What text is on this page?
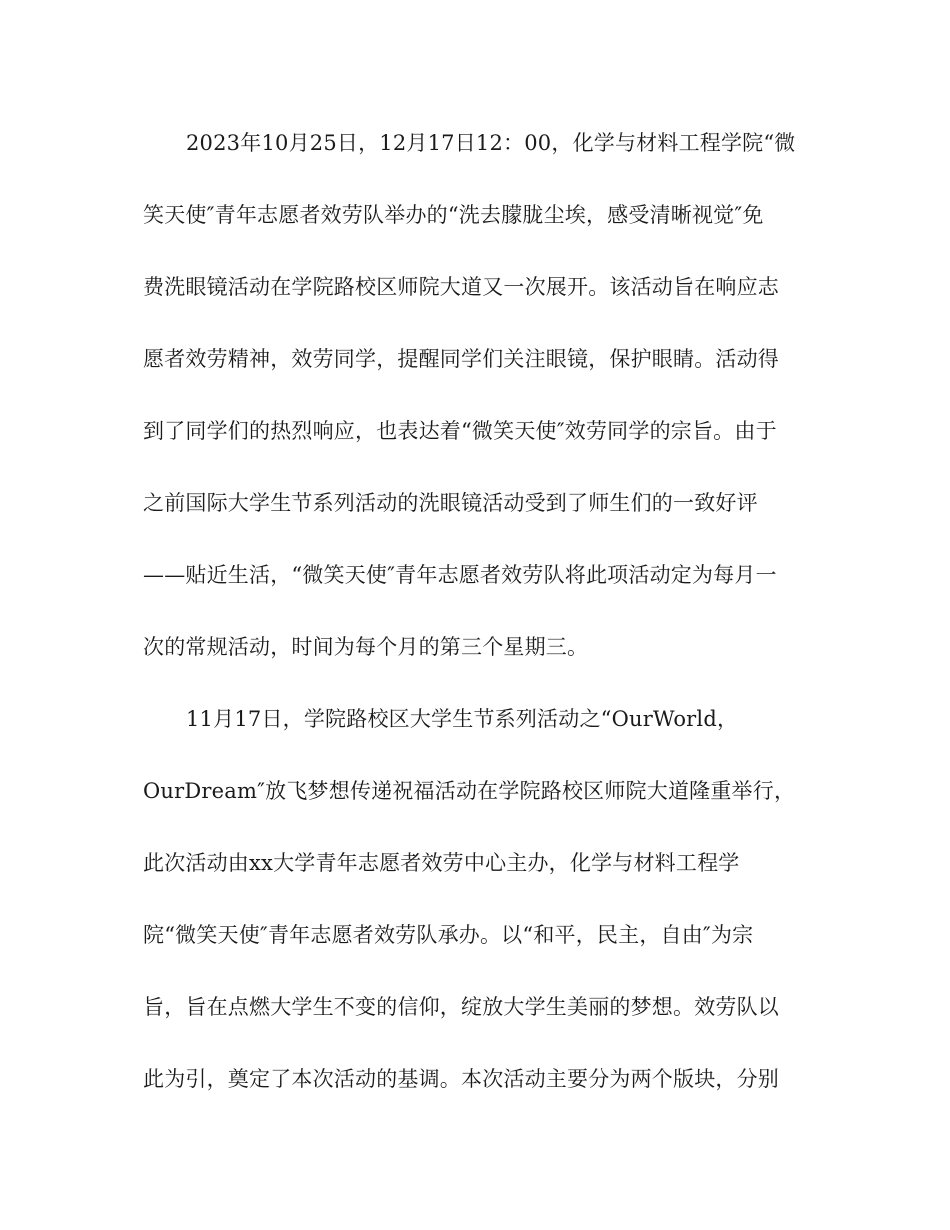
2023年10月25日，12月17日12：00，化学与材料工程学院“微
笑天使″青年志愿者效劳队举办的“洗去朦胧尘埃，感受清晰视觉″免
费洗眼镜活动在学院路校区师院大道又一次展开。该活动旨在响应志
愿者效劳精神，效劳同学，提醒同学们关注眼镜，保护眼睛。活动得
到了同学们的热烈响应，也表达着“微笑天使″效劳同学的宗旨。由于
之前国际大学生节系列活动的洗眼镜活动受到了师生们的一致好评
——贴近生活，“微笑天使″青年志愿者效劳队将此项活动定为每月一
次的常规活动，时间为每个月的第三个星期三。
11月17日，学院路校区大学生节系列活动之“OurWorld，
OurDream″放飞梦想传递祝福活动在学院路校区师院大道隆重举行，
此次活动由xx大学青年志愿者效劳中心主办，化学与材料工程学
院“微笑天使″青年志愿者效劳队承办。以“和平，民主，自由″为宗
旨，旨在点燃大学生不变的信仰，绽放大学生美丽的梦想。效劳队以
此为引，奠定了本次活动的基调。本次活动主要分为两个版块，分别
